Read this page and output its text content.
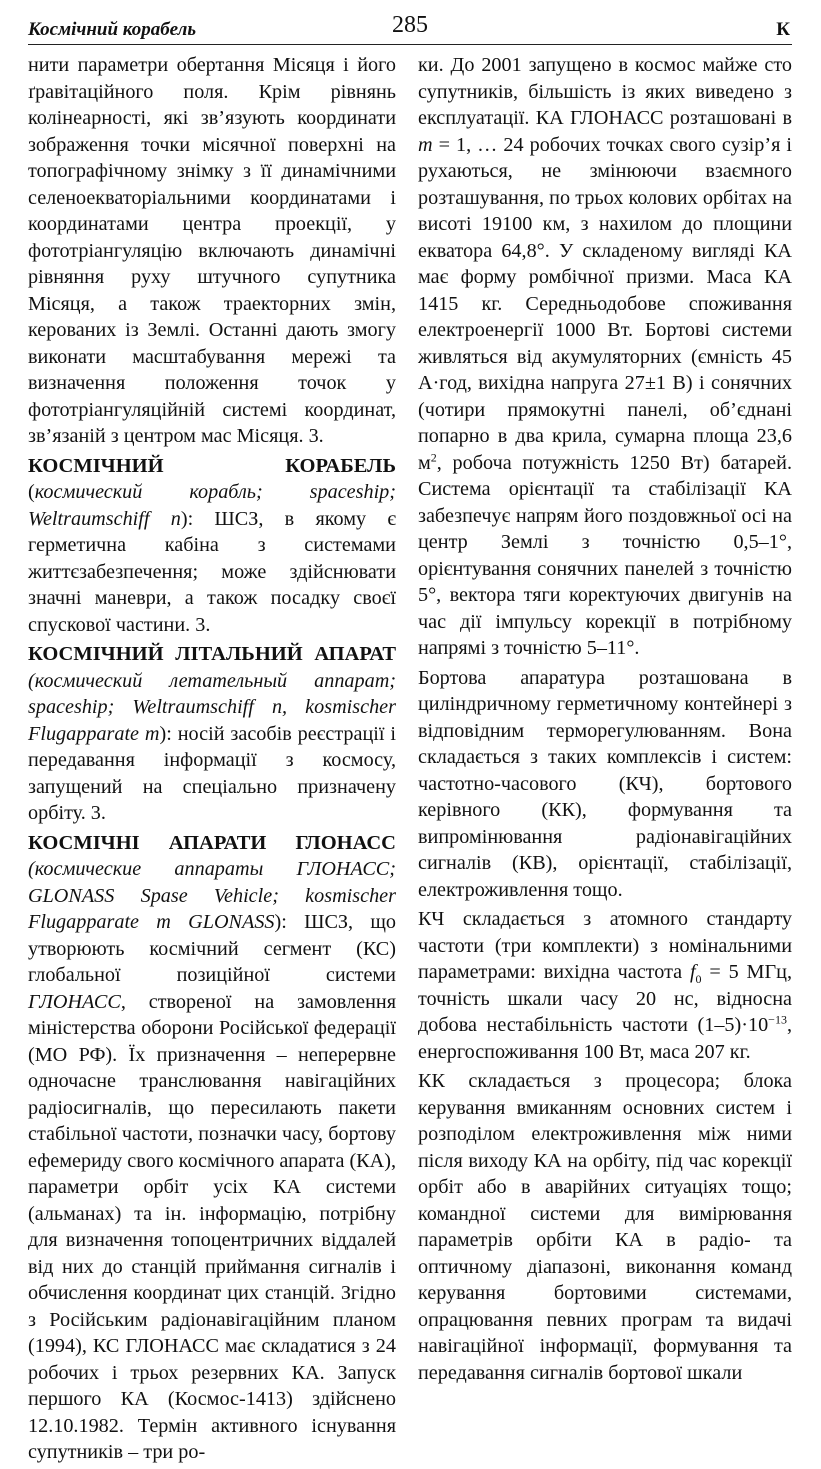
Космічний корабель	285	К

нити параметри обертання Місяця і його ґравітаційного поля. Крім рівнянь колінеарності, які зв’язують координати зображення точки місячної поверхні на топографічному знімку з її динамічними селеноекваторіальними координатами і координатами центра проекції, у фототріангуляцію включають динамічні рівняння руху штучного супутника Місяця, а також траекторних змін, керованих із Землі. Останні дають змогу виконати масштабування мережі та визначення положення точок у фототріангуляційній системі координат, зв’язаній з центром мас Місяця. 3.

КОСМІЧНИЙ КОРАБЕЛЬ (космический корабль; spaceship; Weltraumschiff n): ШСЗ, в якому є герметична кабіна з системами життєзабезпечення; може здійснювати значні маневри, а також посадку своєї спускової частини. 3.

КОСМІЧНИЙ ЛІТАЛЬНИЙ АПАРАТ (космический летательный аппарат; spaceship; Weltraumschiff n, kosmischer Flugapparate m): носій засобів реєстрації і передавання інформації з космосу, запущений на спеціально призначену орбіту. 3.

КОСМІЧНІ АПАРАТИ ГЛОНАСС (космические аппараты ГЛОНАСС; GLONASS Spase Vehicle; kosmischer Flugapparate m GLONASS): ШСЗ, що утворюють космічний сегмент (КС) глобальної позиційної системи ГЛОНАСС, створеної на замовлення міністерства оборони Російської федерації (МО РФ). Їх призначення – неперервне одночасне транслювання навігаційних радіосигналів, що пересилають пакети стабільної частоти, позначки часу, бортову ефемериду свого космічного апарата (КА), параметри орбіт усіх КА системи (альманах) та ін. інформацію, потрібну для визначення топоцентричних віддалей від них до станцій приймання сигналів і обчислення координат цих станцій. Згідно з Російським радіонавігаційним планом (1994), КС ГЛОНАСС має складатися з 24 робочих і трьох резервних КА. Запуск першого КА (Космос-1413) здійснено 12.10.1982. Термін активного існування супутників – три ро-

ки. До 2001 запущено в космос майже сто супутників, більшість із яких виведено з експлуатації. КА ГЛОНАСС розташовані в m = 1, … 24 робочих точках свого сузір’я і рухаються, не змінюючи взаємного розташування, по трьох колових орбітах на висоті 19100 км, з нахилом до площини екватора 64,8°. У складеному вигляді КА має форму ромбічної призми. Маса КА 1415 кг. Середньодобове споживання електроенергії 1000 Вт. Бортові системи живляться від акумуляторних (ємність 45 А·год, вихідна напруга 27±1 В) і сонячних (чотири прямокутні панелі, об’єднані попарно в два крила, сумарна площа 23,6 $м^2$, робоча потужність 1250 Вт) батарей. Система орієнтації та стабілізації КА забезпечує напрям його поздовжньої осі на центр Землі з точністю 0,5–1°, орієнтування сонячних панелей з точністю 5°, вектора тяги коректуючих двигунів на час дії імпульсу корекції в потрібному напрямі з точністю 5–11°.

Бортова апаратура розташована в циліндричному герметичному контейнері з відповідним терморегулюванням. Вона складається з таких комплексів і систем: частотно-часового (КЧ), бортового керівного (КК), формування та випромінювання радіонавігаційних сигналів (КВ), орієнтації, стабілізації, електроживлення тощо.

КЧ складається з атомного стандарту частоти (три комплекти) з номінальними параметрами: вихідна частота $f_0 = 5$ МГц, точність шкали часу 20 нс, відносна добова нестабільність частоти $(1-5)\cdot 10^{-13}$, енергоспоживання 100 Вт, маса 207 кг.

КК складається з процесора; блока керування вмиканням основних систем і розподілом електроживлення між ними після виходу КА на орбіту, під час корекції орбіт або в аварійних ситуаціях тощо; командної системи для вимірювання параметрів орбіти КА в радіо- та оптичному діапазоні, виконання команд керування бортовими системами, опрацювання певних програм та видачі навігаційної інформації, формування та передавання сигналів бортової шкали
